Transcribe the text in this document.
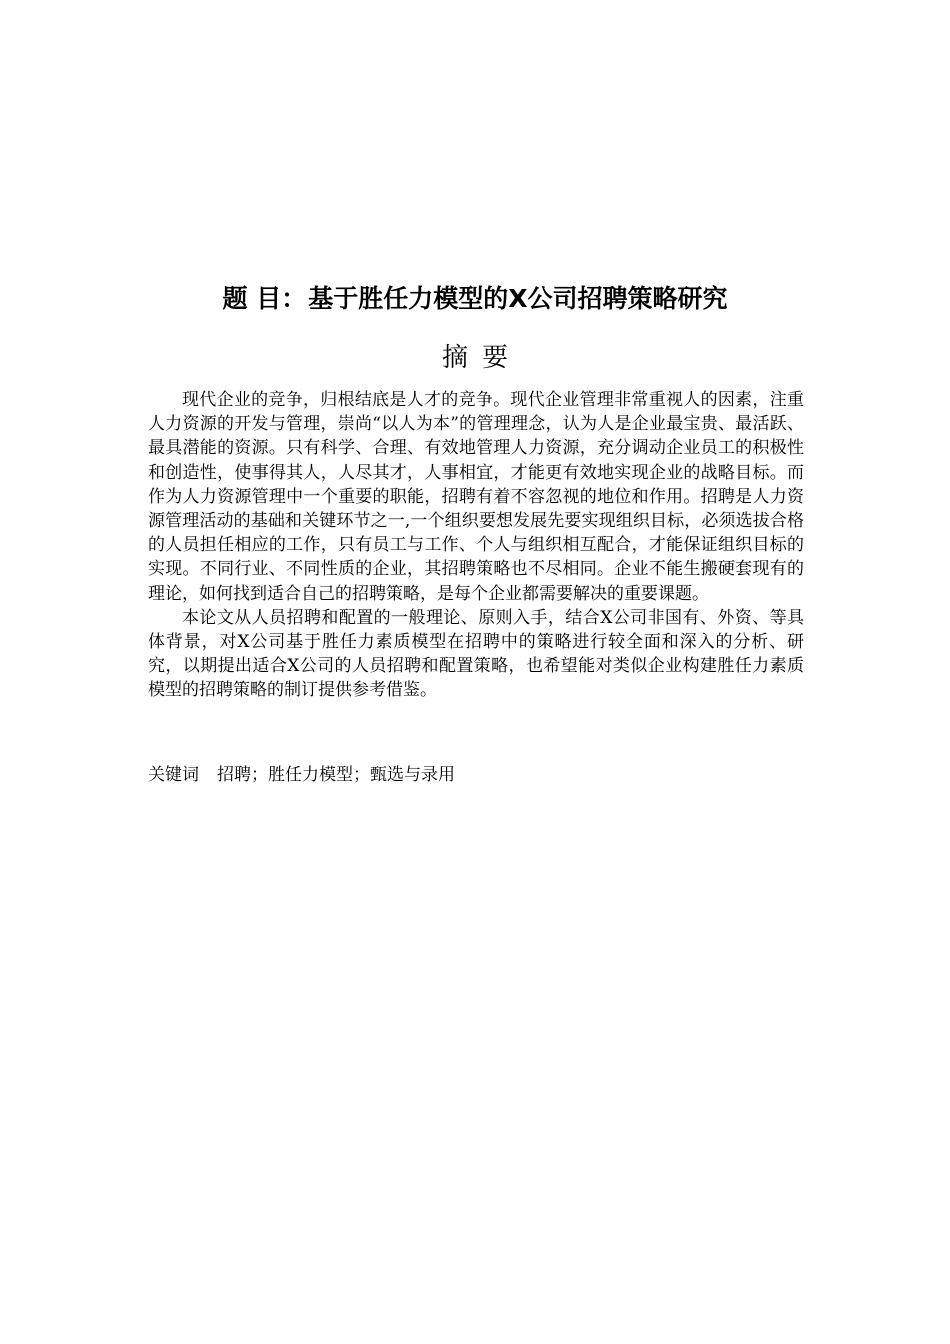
题 目：基于胜任力模型的X公司招聘策略研究
摘要

现代企业的竞争，归根结底是人才的竞争。现代企业管理非常重视人的因素，注重人力资源的开发与管理，崇尚“以人为本”的管理理念，认为人是企业最宝贵、最活跃、最具潜能的资源。只有科学、合理、有效地管理人力资源，充分调动企业员工的积极性和创造性，使事得其人，人尽其才，人事相宜，才能更有效地实现企业的战略目标。而作为人力资源管理中一个重要的职能，招聘有着不容忽视的地位和作用。招聘是人力资源管理活动的基础和关键环节之一,一个组织要想发展先要实现组织目标，必须选拔合格的人员担任相应的工作，只有员工与工作、个人与组织相互配合，才能保证组织目标的实现。不同行业、不同性质的企业，其招聘策略也不尽相同。企业不能生搬硬套现有的理论，如何找到适合自己的招聘策略，是每个企业都需要解决的重要课题。

本论文从人员招聘和配置的一般理论、原则入手，结合X公司非国有、外资、等具体背景，对X公司基于胜任力素质模型在招聘中的策略进行较全面和深入的分析、研究，以期提出适合X公司的人员招聘和配置策略，也希望能对类似企业构建胜任力素质模型的招聘策略的制订提供参考借鉴。

关键词 招聘；胜任力模型；甄选与录用
